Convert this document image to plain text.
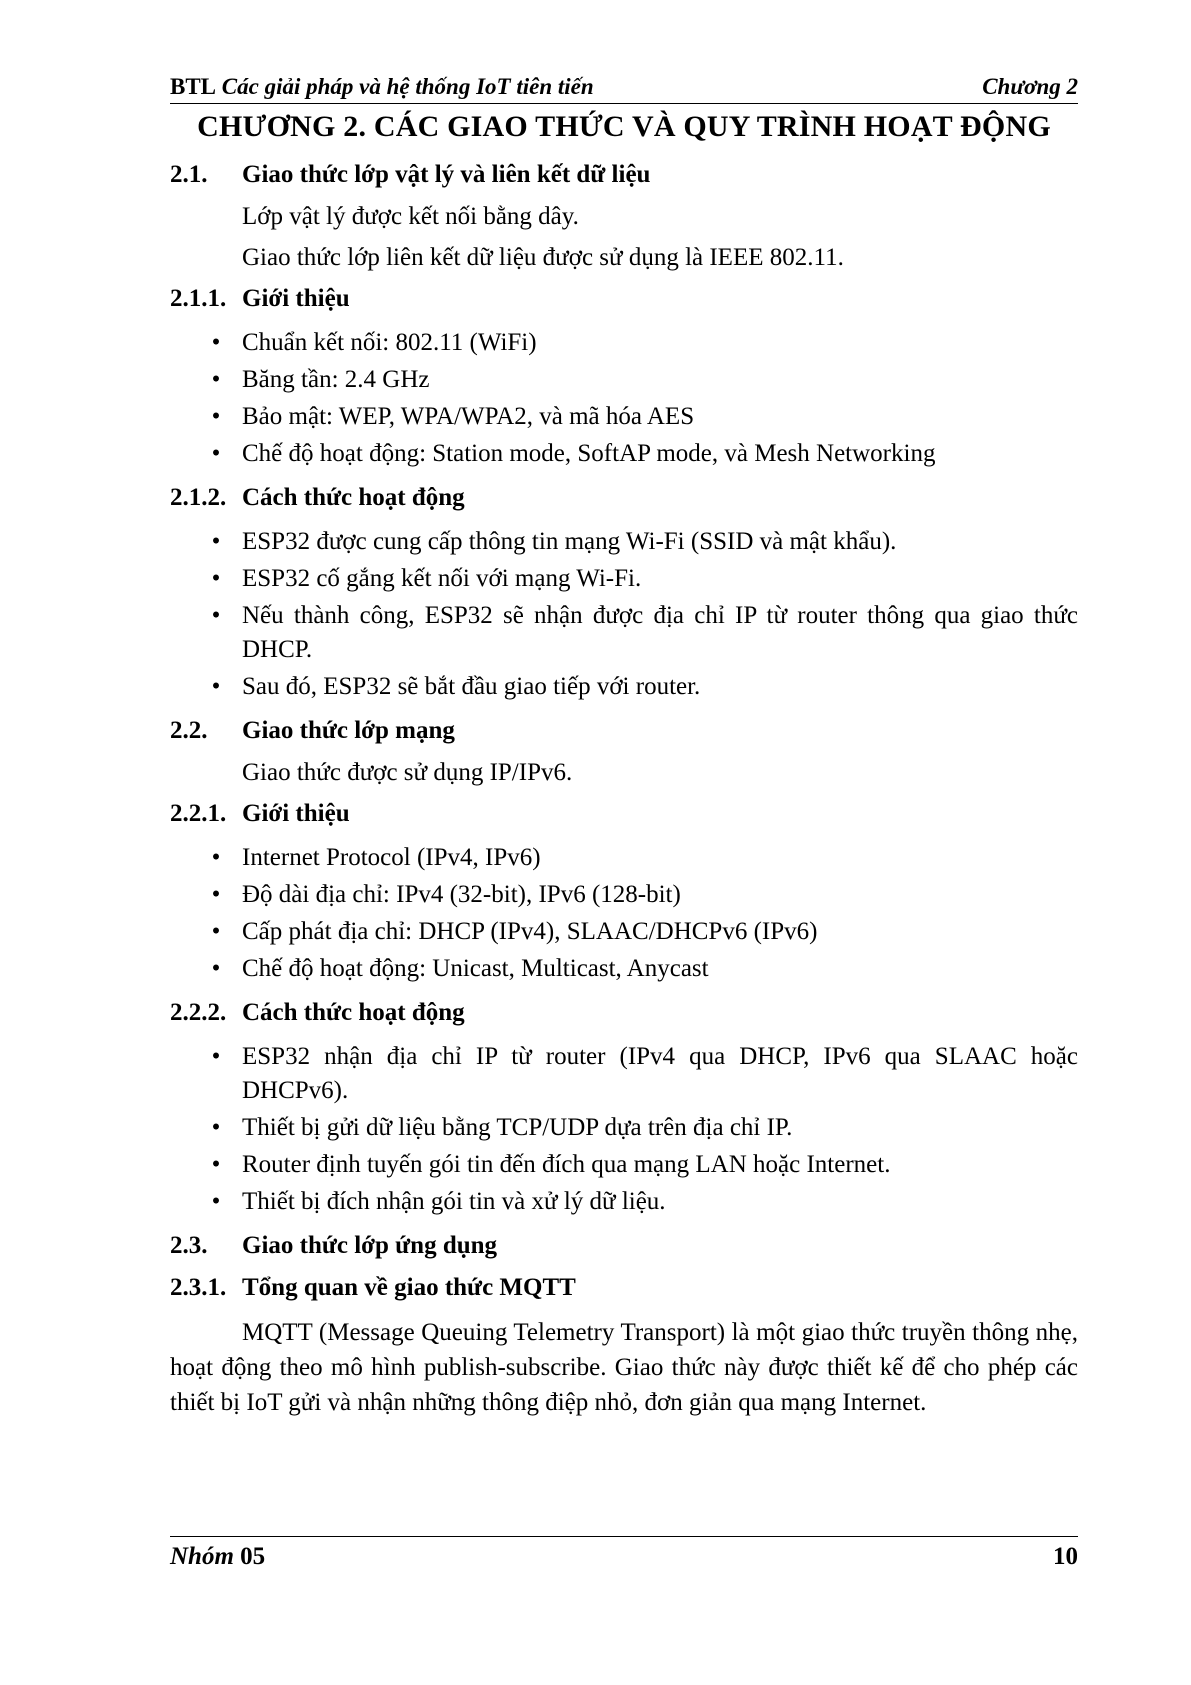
BTL Các giải pháp và hệ thống IoT tiên tiến	Chương 2
CHƯƠNG 2. CÁC GIAO THỨC VÀ QUY TRÌNH HOẠT ĐỘNG
2.1.	Giao thức lớp vật lý và liên kết dữ liệu
Lớp vật lý được kết nối bằng dây.
Giao thức lớp liên kết dữ liệu được sử dụng là IEEE 802.11.
2.1.1. Giới thiệu
• Chuẩn kết nối: 802.11 (WiFi)
• Băng tần: 2.4 GHz
• Bảo mật: WEP, WPA/WPA2, và mã hóa AES
• Chế độ hoạt động: Station mode, SoftAP mode, và Mesh Networking
2.1.2. Cách thức hoạt động
• ESP32 được cung cấp thông tin mạng Wi-Fi (SSID và mật khẩu).
• ESP32 cố gắng kết nối với mạng Wi-Fi.
• Nếu thành công, ESP32 sẽ nhận được địa chỉ IP từ router thông qua giao thức DHCP.
• Sau đó, ESP32 sẽ bắt đầu giao tiếp với router.
2.2.	Giao thức lớp mạng
Giao thức được sử dụng IP/IPv6.
2.2.1. Giới thiệu
• Internet Protocol (IPv4, IPv6)
• Độ dài địa chỉ: IPv4 (32-bit), IPv6 (128-bit)
• Cấp phát địa chỉ: DHCP (IPv4), SLAAC/DHCPv6 (IPv6)
• Chế độ hoạt động: Unicast, Multicast, Anycast
2.2.2. Cách thức hoạt động
• ESP32 nhận địa chỉ IP từ router (IPv4 qua DHCP, IPv6 qua SLAAC hoặc DHCPv6).
• Thiết bị gửi dữ liệu bằng TCP/UDP dựa trên địa chỉ IP.
• Router định tuyến gói tin đến đích qua mạng LAN hoặc Internet.
• Thiết bị đích nhận gói tin và xử lý dữ liệu.
2.3.	Giao thức lớp ứng dụng
2.3.1. Tổng quan về giao thức MQTT

MQTT (Message Queuing Telemetry Transport) là một giao thức truyền thông nhẹ, hoạt động theo mô hình publish-subscribe. Giao thức này được thiết kế để cho phép các thiết bị IoT gửi và nhận những thông điệp nhỏ, đơn giản qua mạng Internet.

Nhóm 05	10
